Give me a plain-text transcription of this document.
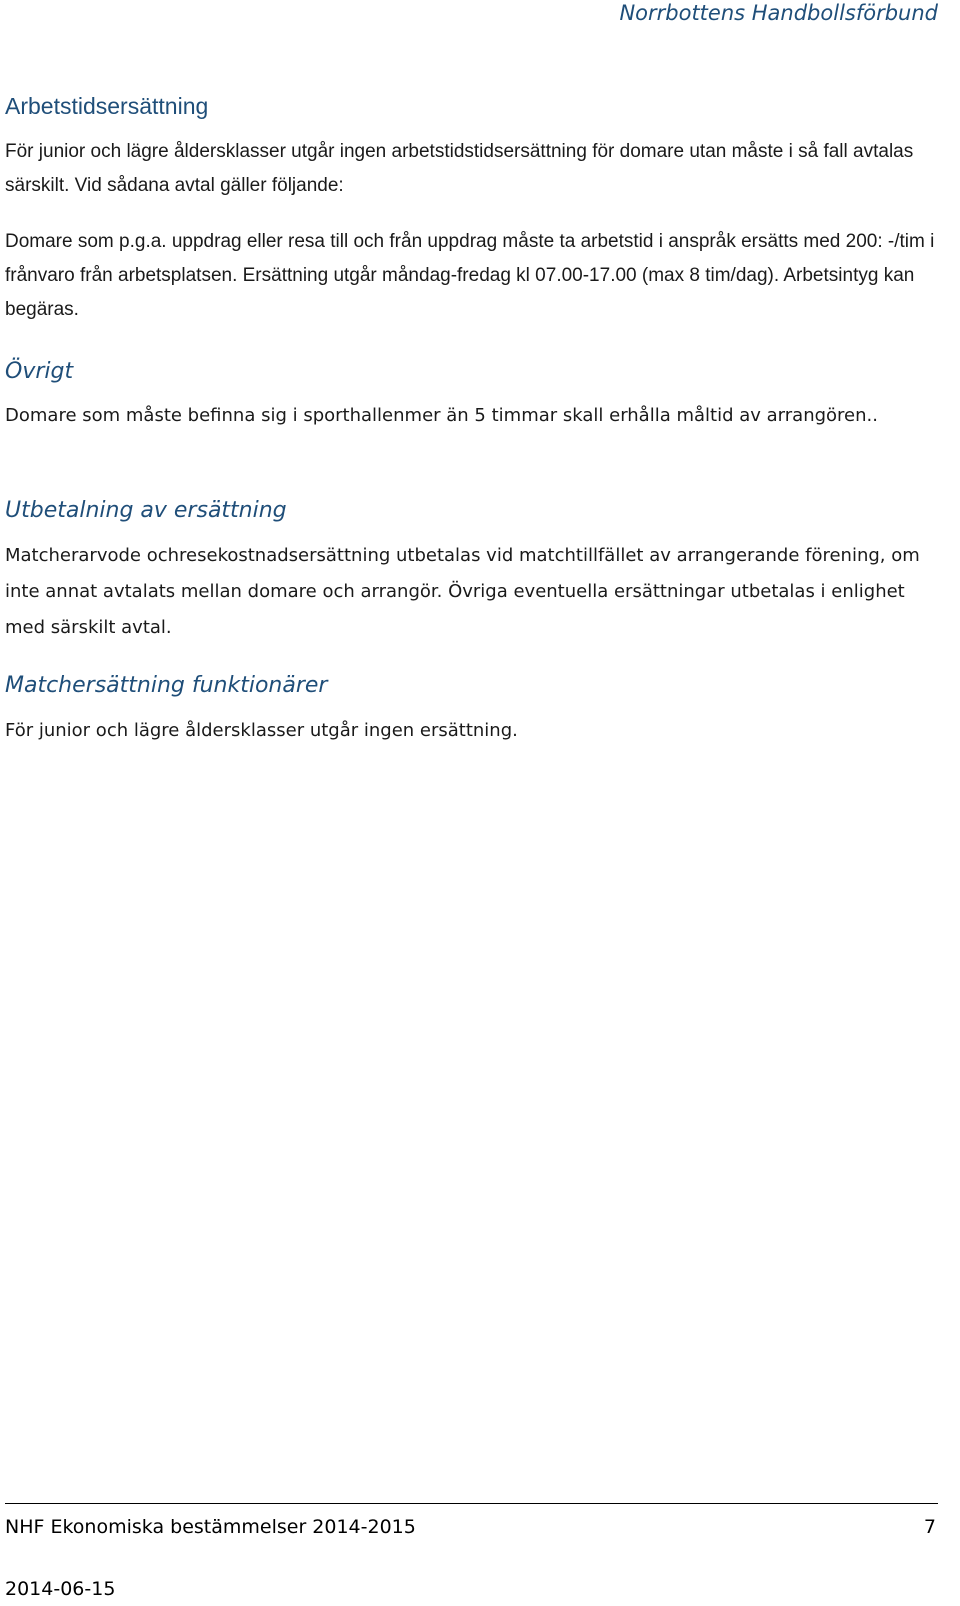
Norrbottens Handbollsförbund
Arbetstidsersättning

För junior och lägre åldersklasser utgår ingen arbetstidstidsersättning för domare utan måste i så fall avtalas särskilt. Vid sådana avtal gäller följande:

Domare som p.g.a. uppdrag eller resa till och från uppdrag måste ta arbetstid i anspråk ersätts med 200: -/tim i frånvaro från arbetsplatsen. Ersättning utgår måndag-fredag kl 07.00-17.00 (max 8 tim/dag). Arbetsintyg kan begäras.

Övrigt

Domare som måste befinna sig i sporthallenmer än 5 timmar skall erhålla måltid av arrangören..

Utbetalning av ersättning

Matcherarvode ochresekostnadsersättning utbetalas vid matchtillfället av arrangerande förening, om inte annat avtalats mellan domare och arrangör. Övriga eventuella ersättningar utbetalas i enlighet med särskilt avtal.

Matchersättning funktionärer

För junior och lägre åldersklasser utgår ingen ersättning.

NHF Ekonomiska bestämmelser 2014-2015	7
2014-06-15
